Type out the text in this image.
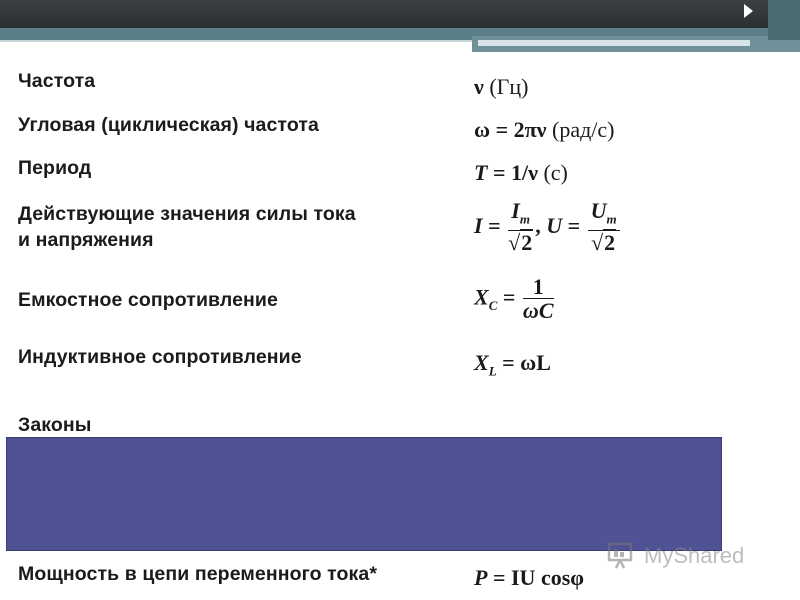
Частота
Угловая (циклическая) частота
Период
Действующие значения силы тока
и напряжения
Емкостное сопротивление
Индуктивное сопротивление
Законы
Мощность в цепи переменного тока*
ν (Гц)
ω = 2πν (рад/с)
T = 1/ν (с)
$I = \frac{I_m}{√2}$ , $U = \frac{U_m}{√2}$
$X_C = \frac{1}{\omega C}$
$X_L = \omega L$
P = IU cosφ
MyShared
